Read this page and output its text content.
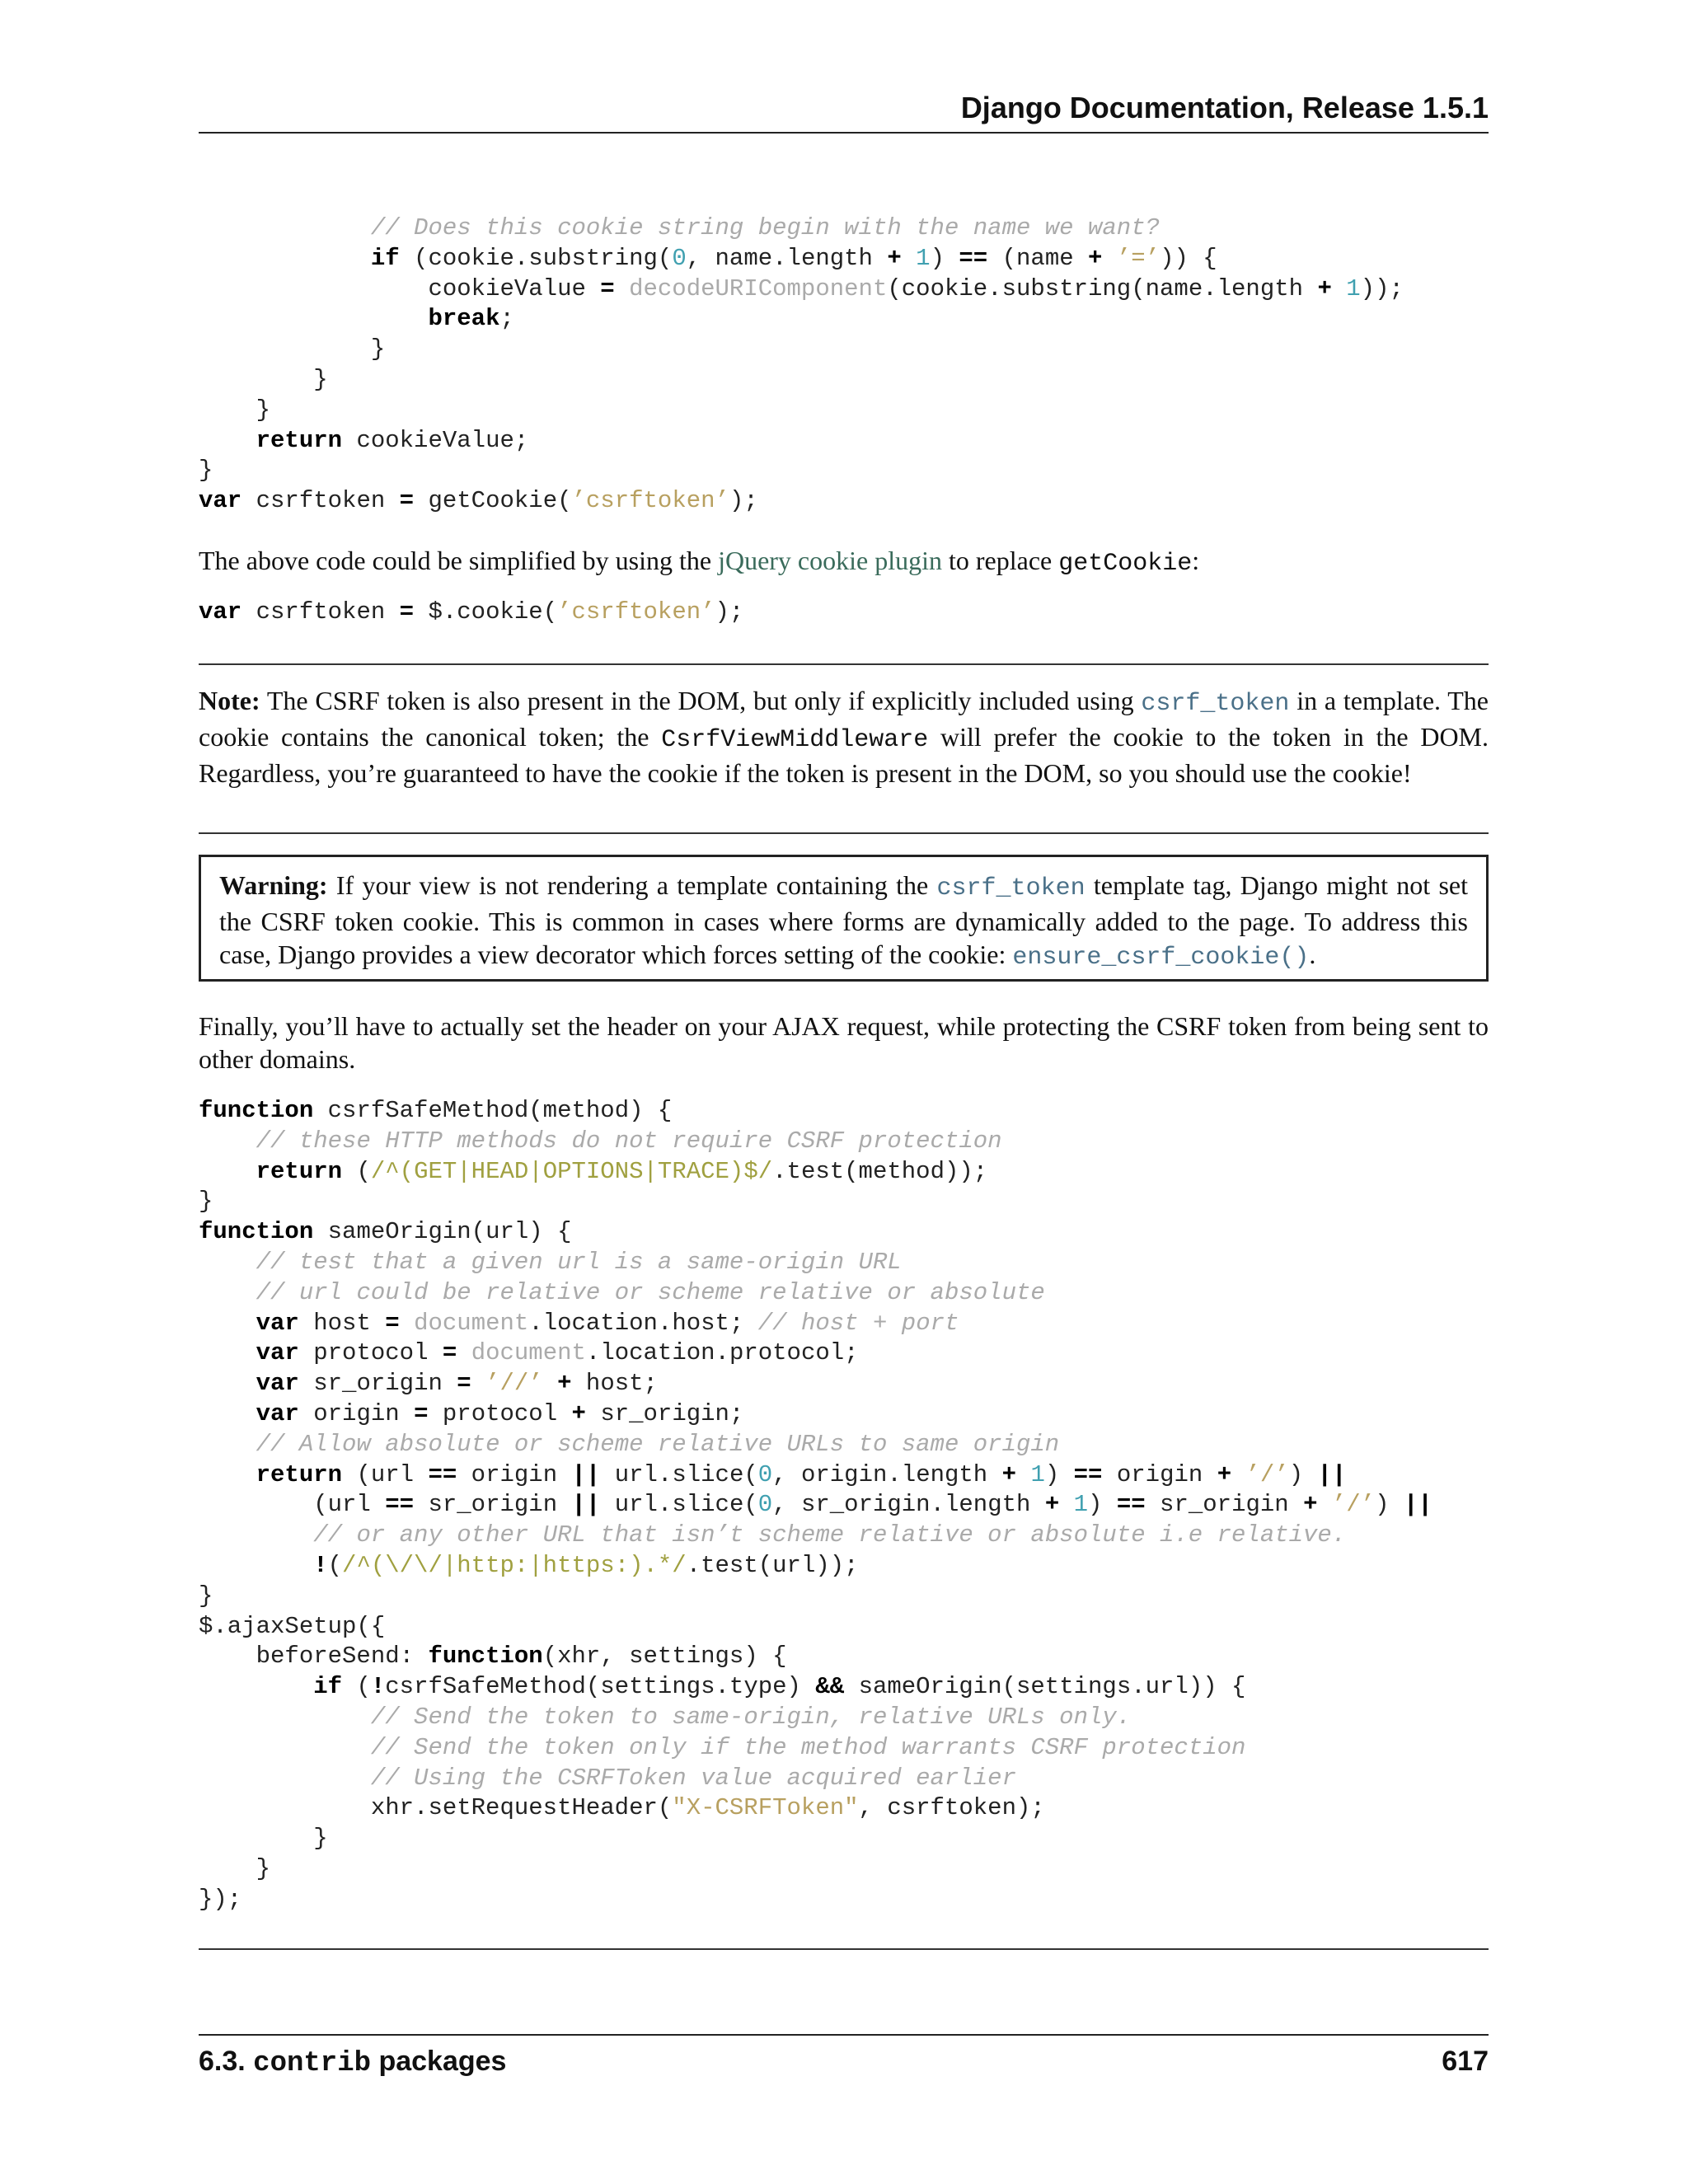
Django Documentation, Release 1.5.1
// Does this cookie string begin with the name we want?
if (cookie.substring(0, name.length + 1) == (name + ’=’)) {
cookieValue = decodeURIComponent(cookie.substring(name.length + 1));
break;
}
}
}
return cookieValue;
}
var csrftoken = getCookie(’csrftoken’);

The above code could be simplified by using the jQuery cookie plugin to replace getCookie:

var csrftoken = $.cookie(’csrftoken’);

Note: The CSRF token is also present in the DOM, but only if explicitly included using csrf_token in a template. The cookie contains the canonical token; the CsrfViewMiddleware will prefer the cookie to the token in the DOM. Regardless, you’re guaranteed to have the cookie if the token is present in the DOM, so you should use the cookie!

Warning: If your view is not rendering a template containing the csrf_token template tag, Django might not set the CSRF token cookie. This is common in cases where forms are dynamically added to the page. To address this case, Django provides a view decorator which forces setting of the cookie: ensure_csrf_cookie().

Finally, you’ll have to actually set the header on your AJAX request, while protecting the CSRF token from being sent to other domains.

function csrfSafeMethod(method) {
// these HTTP methods do not require CSRF protection
return (/^(GET|HEAD|OPTIONS|TRACE)$/.test(method));
}
function sameOrigin(url) {
// test that a given url is a same-origin URL
// url could be relative or scheme relative or absolute
var host = document.location.host; // host + port
var protocol = document.location.protocol;
var sr_origin = ’//’ + host;
var origin = protocol + sr_origin;
// Allow absolute or scheme relative URLs to same origin
return (url == origin || url.slice(0, origin.length + 1) == origin + ’/’) ||
(url == sr_origin || url.slice(0, sr_origin.length + 1) == sr_origin + ’/’) ||
// or any other URL that isn’t scheme relative or absolute i.e relative.
!(/^(\/\/|http:|https:).*/.test(url));
}
$.ajaxSetup({
beforeSend: function(xhr, settings) {
if (!csrfSafeMethod(settings.type) && sameOrigin(settings.url)) {
// Send the token to same-origin, relative URLs only.
// Send the token only if the method warrants CSRF protection
// Using the CSRFToken value acquired earlier
xhr.setRequestHeader("X-CSRFToken", csrftoken);
}
}
});
6.3. contrib packages	617
